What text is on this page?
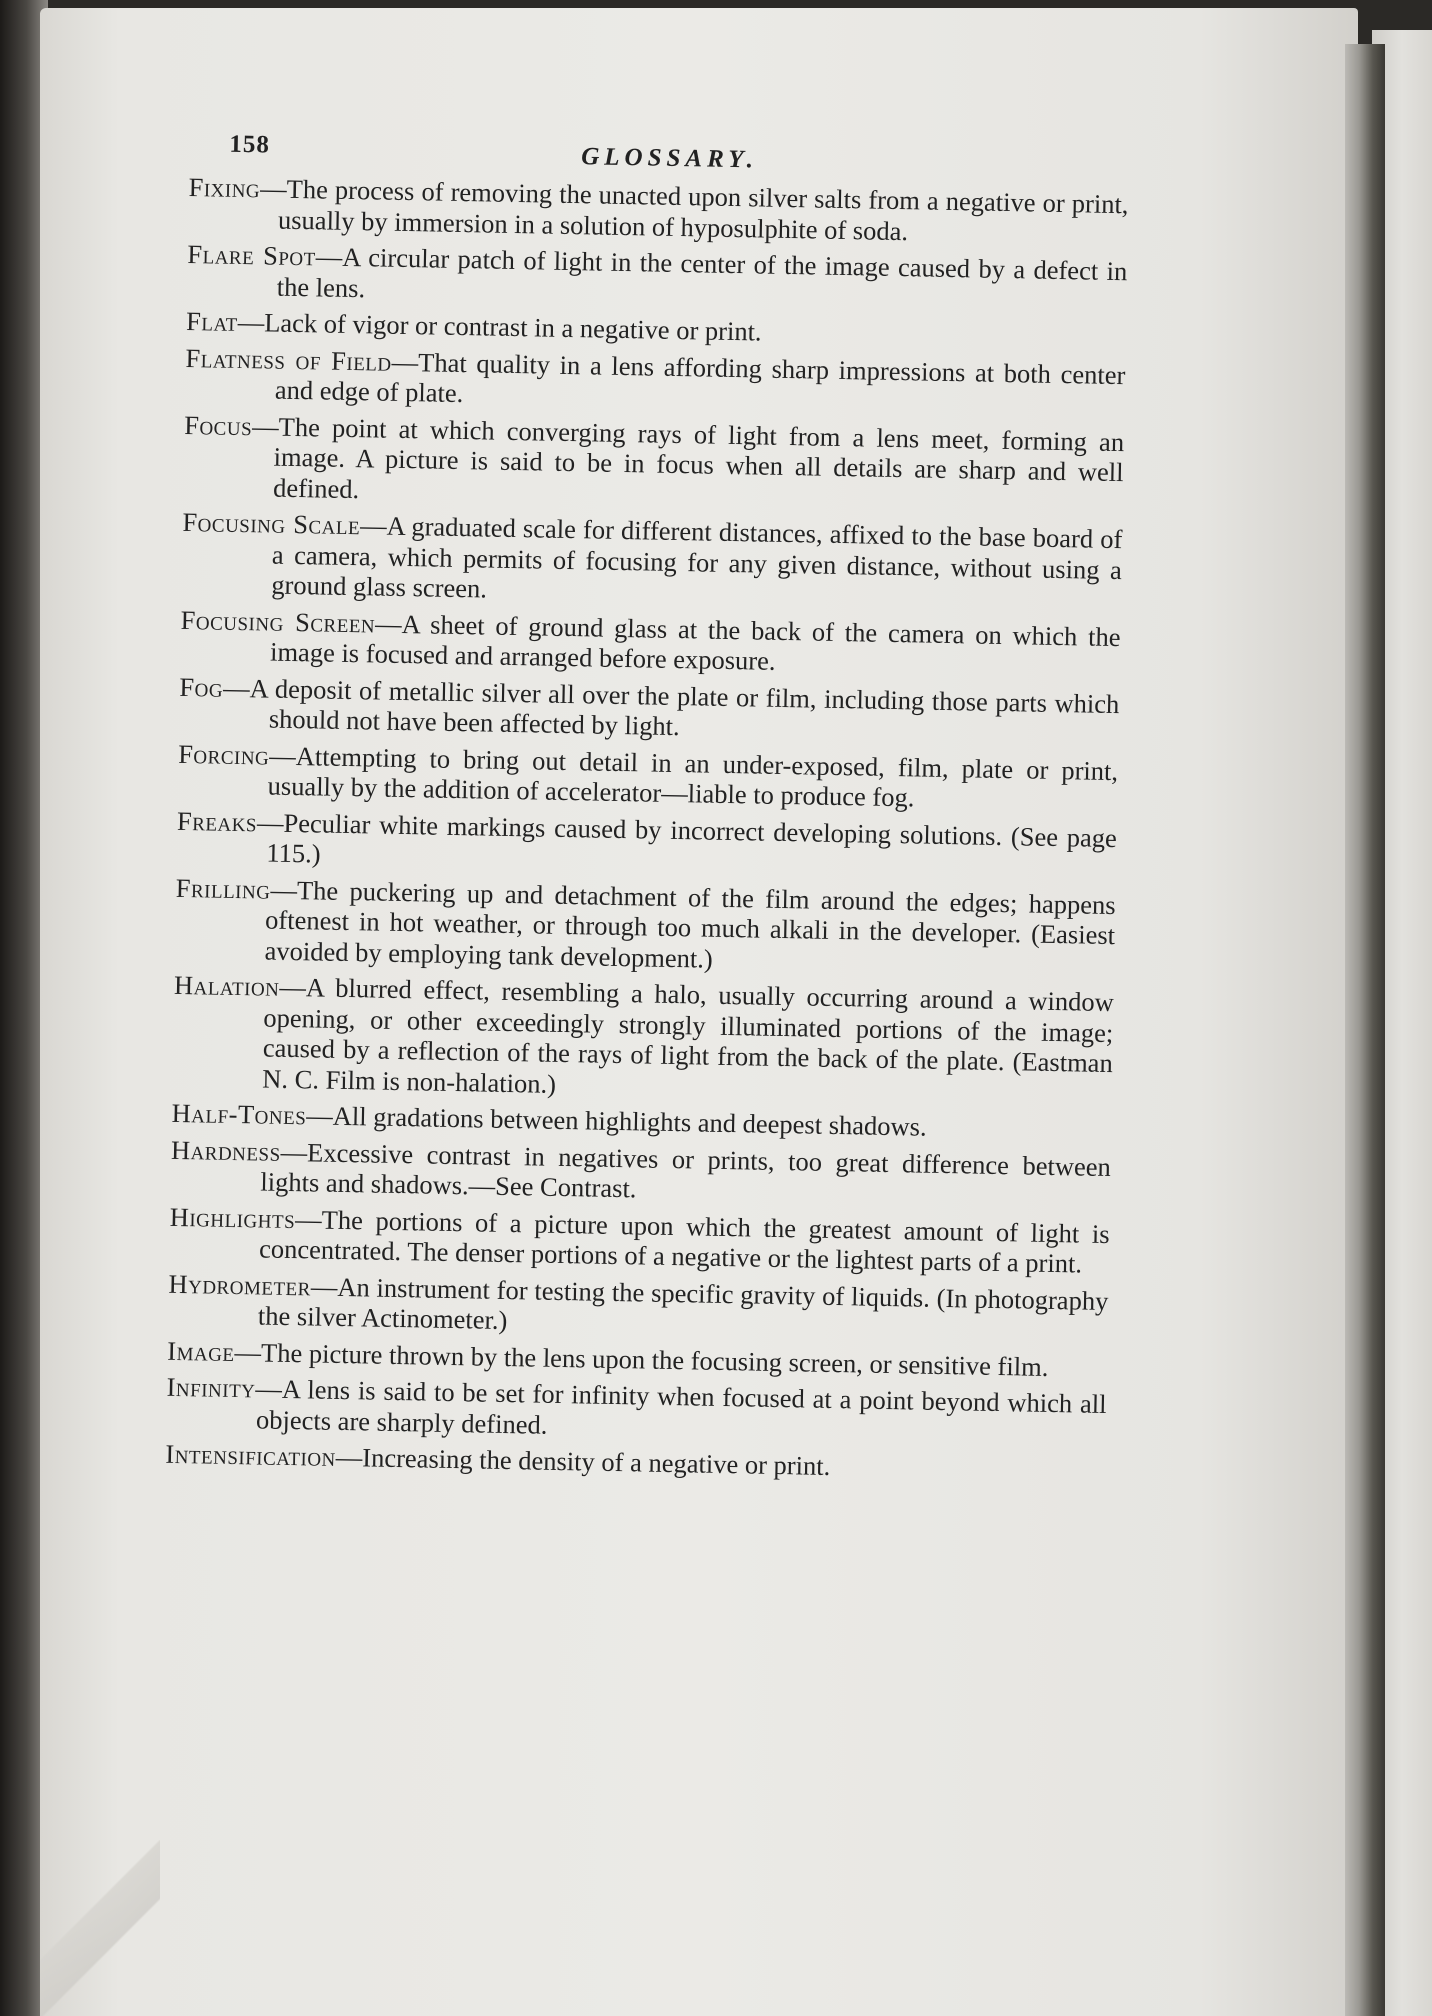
158	GLOSSARY.

Fixing—The process of removing the unacted upon silver salts from a negative or print, usually by immersion in a solution of hyposulphite of soda.

Flare Spot—A circular patch of light in the center of the image caused by a defect in the lens.

Flat—Lack of vigor or contrast in a negative or print.

Flatness of Field—That quality in a lens affording sharp impressions at both center and edge of plate.

Focus—The point at which converging rays of light from a lens meet, forming an image. A picture is said to be in focus when all details are sharp and well defined.

Focusing Scale—A graduated scale for different distances, affixed to the base board of a camera, which permits of focusing for any given distance, without using a ground glass screen.

Focusing Screen—A sheet of ground glass at the back of the camera on which the image is focused and arranged before exposure.

Fog—A deposit of metallic silver all over the plate or film, including those parts which should not have been affected by light.

Forcing—Attempting to bring out detail in an under-exposed, film, plate or print, usually by the addition of accelerator—liable to produce fog.

Freaks—Peculiar white markings caused by incorrect developing solutions. (See page 115.)

Frilling—The puckering up and detachment of the film around the edges; happens oftenest in hot weather, or through too much alkali in the developer. (Easiest avoided by employing tank development.)

Halation—A blurred effect, resembling a halo, usually occurring around a window opening, or other exceedingly strongly illuminated portions of the image; caused by a reflection of the rays of light from the back of the plate. (Eastman N. C. Film is non-halation.)

Half-Tones—All gradations between highlights and deepest shadows.

Hardness—Excessive contrast in negatives or prints, too great difference between lights and shadows.—See Contrast.

Highlights—The portions of a picture upon which the greatest amount of light is concentrated. The denser portions of a negative or the lightest parts of a print.

Hydrometer—An instrument for testing the specific gravity of liquids. (In photography the silver Actinometer.)

Image—The picture thrown by the lens upon the focusing screen, or sensitive film.

Infinity—A lens is said to be set for infinity when focused at a point beyond which all objects are sharply defined.

Intensification—Increasing the density of a negative or print.
